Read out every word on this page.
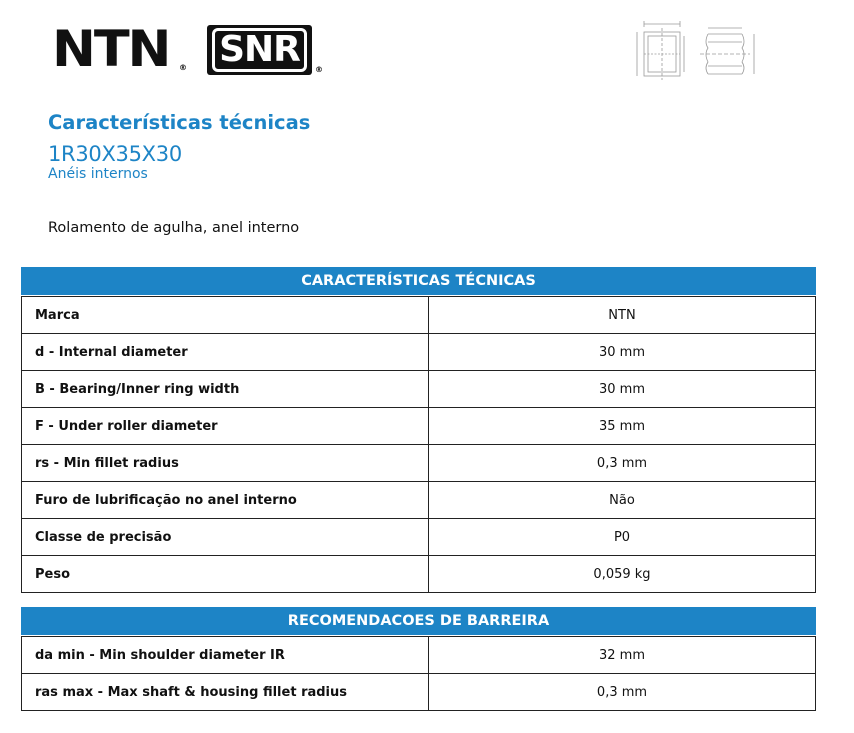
NTN ® SNR	®
Características técnicas
1R30X35X30
Anéis internos
Rolamento de agulha, anel interno
CARACTERÍSTICAS TÉCNICAS
Marca	NTN
d - Internal diameter	30 mm
B - Bearing/Inner ring width	30 mm
F - Under roller diameter	35 mm
rs - Min fillet radius	0,3 mm
Furo de lubrificação no anel interno	Não
Classe de precisão	P0
Peso	0,059 kg
RECOMENDACOES DE BARREIRA
da min - Min shoulder diameter IR	32 mm
ras max - Max shaft & housing fillet radius	0,3 mm
